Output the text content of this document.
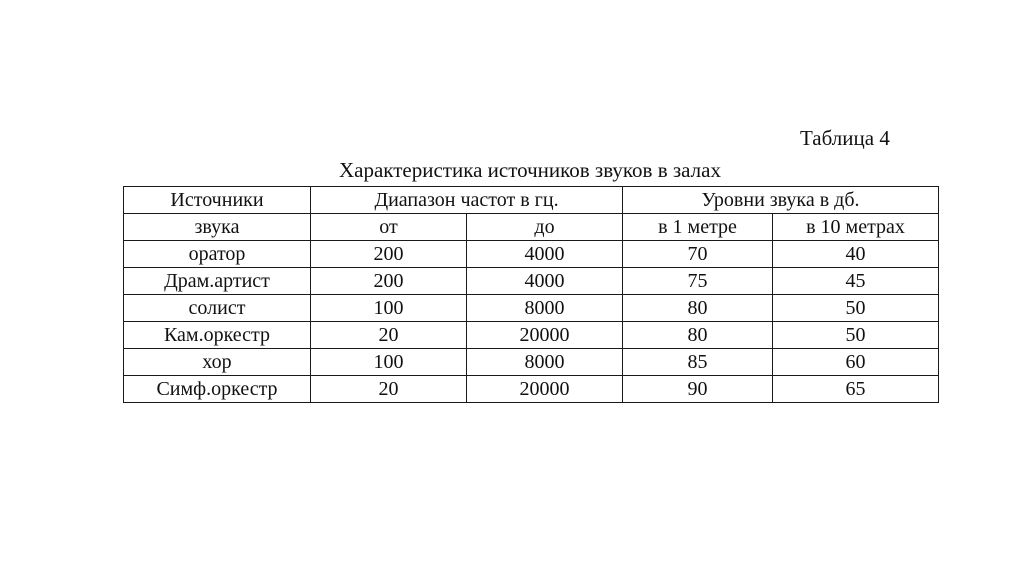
Таблица 4
Характеристика источников звуков в залах
Источники	Диапазон частот в гц.		Уровни звука в дб.	
звука	от	до	в 1 метре	в 10 метрах
оратор	200	4000	70	40
Драм.артист	200	4000	75	45
солист	100	8000	80	50
Кам.оркестр	20	20000	80	50
хор	100	8000	85	60
Симф.оркестр	20	20000	90	65
